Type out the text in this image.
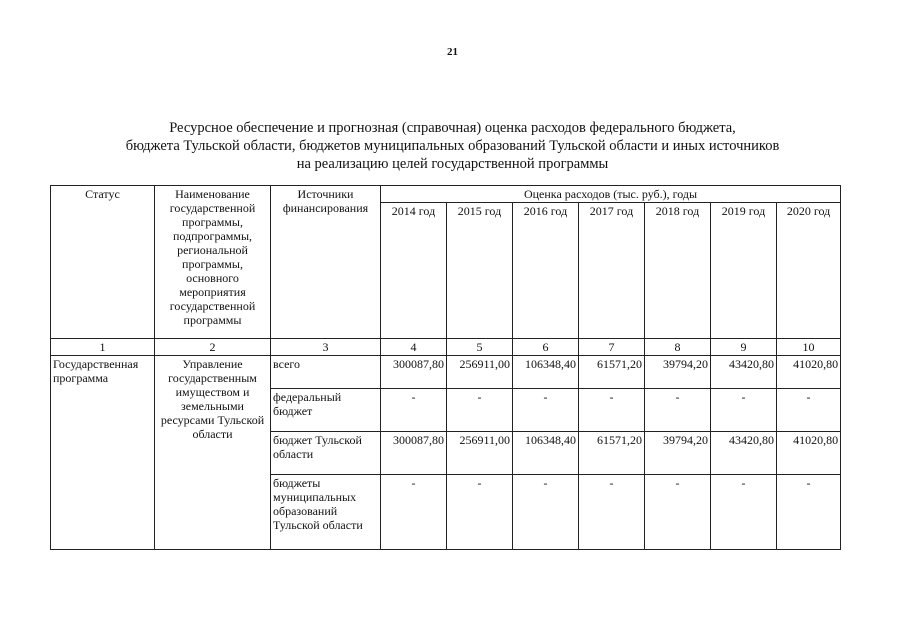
21
Ресурсное обеспечение и прогнозная (справочная) оценка расходов федерального бюджета,
бюджета Тульской области, бюджетов муниципальных образований Тульской области и иных источников
на реализацию целей государственной программы
Статус	Наименование государственной программы, подпрограммы, региональной программы, основного мероприятия государственной программы	Источники финансирования	Оценка расходов (тыс. руб.), годы						
			2014 год	2015 год	2016 год	2017 год	2018 год	2019 год	2020 год
1	2	3	4	5	6	7	8	9	10
Государственная программа	Управление государственным имуществом и земельными ресурсами Тульской области	всего	300087,80	256911,00	106348,40	61571,20	39794,20	43420,80	41020,80
		федеральный бюджет	-	-	-	-	-	-	-
		бюджет Тульской области	300087,80	256911,00	106348,40	61571,20	39794,20	43420,80	41020,80
		бюджеты муниципальных образований Тульской области	-	-	-	-	-	-	-
